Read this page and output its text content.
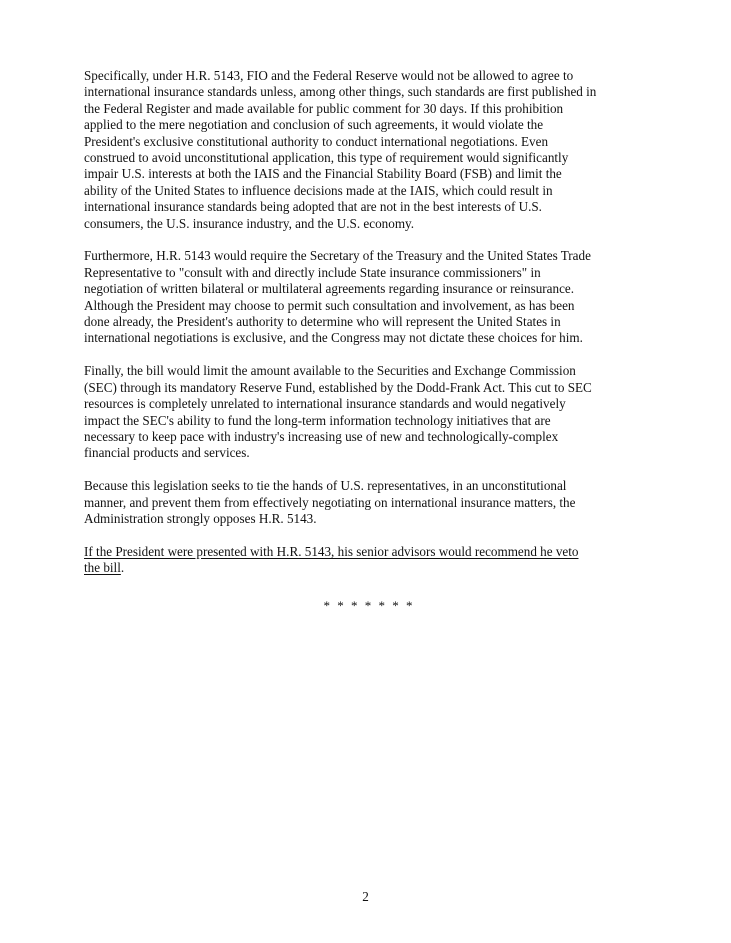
Specifically, under H.R. 5143, FIO and the Federal Reserve would not be allowed to agree to
international insurance standards unless, among other things, such standards are first published in
the Federal Register and made available for public comment for 30 days. If this prohibition
applied to the mere negotiation and conclusion of such agreements, it would violate the
President's exclusive constitutional authority to conduct international negotiations. Even
construed to avoid unconstitutional application, this type of requirement would significantly
impair U.S. interests at both the IAIS and the Financial Stability Board (FSB) and limit the
ability of the United States to influence decisions made at the IAIS, which could result in
international insurance standards being adopted that are not in the best interests of U.S.
consumers, the U.S. insurance industry, and the U.S. economy.

Furthermore, H.R. 5143 would require the Secretary of the Treasury and the United States Trade
Representative to "consult with and directly include State insurance commissioners" in
negotiation of written bilateral or multilateral agreements regarding insurance or reinsurance.
Although the President may choose to permit such consultation and involvement, as has been
done already, the President's authority to determine who will represent the United States in
international negotiations is exclusive, and the Congress may not dictate these choices for him.

Finally, the bill would limit the amount available to the Securities and Exchange Commission
(SEC) through its mandatory Reserve Fund, established by the Dodd-Frank Act. This cut to SEC
resources is completely unrelated to international insurance standards and would negatively
impact the SEC's ability to fund the long-term information technology initiatives that are
necessary to keep pace with industry's increasing use of new and technologically-complex
financial products and services.

Because this legislation seeks to tie the hands of U.S. representatives, in an unconstitutional
manner, and prevent them from effectively negotiating on international insurance matters, the
Administration strongly opposes H.R. 5143.

If the President were presented with H.R. 5143, his senior advisors would recommend he veto
the bill.

* * * * * * *

2
